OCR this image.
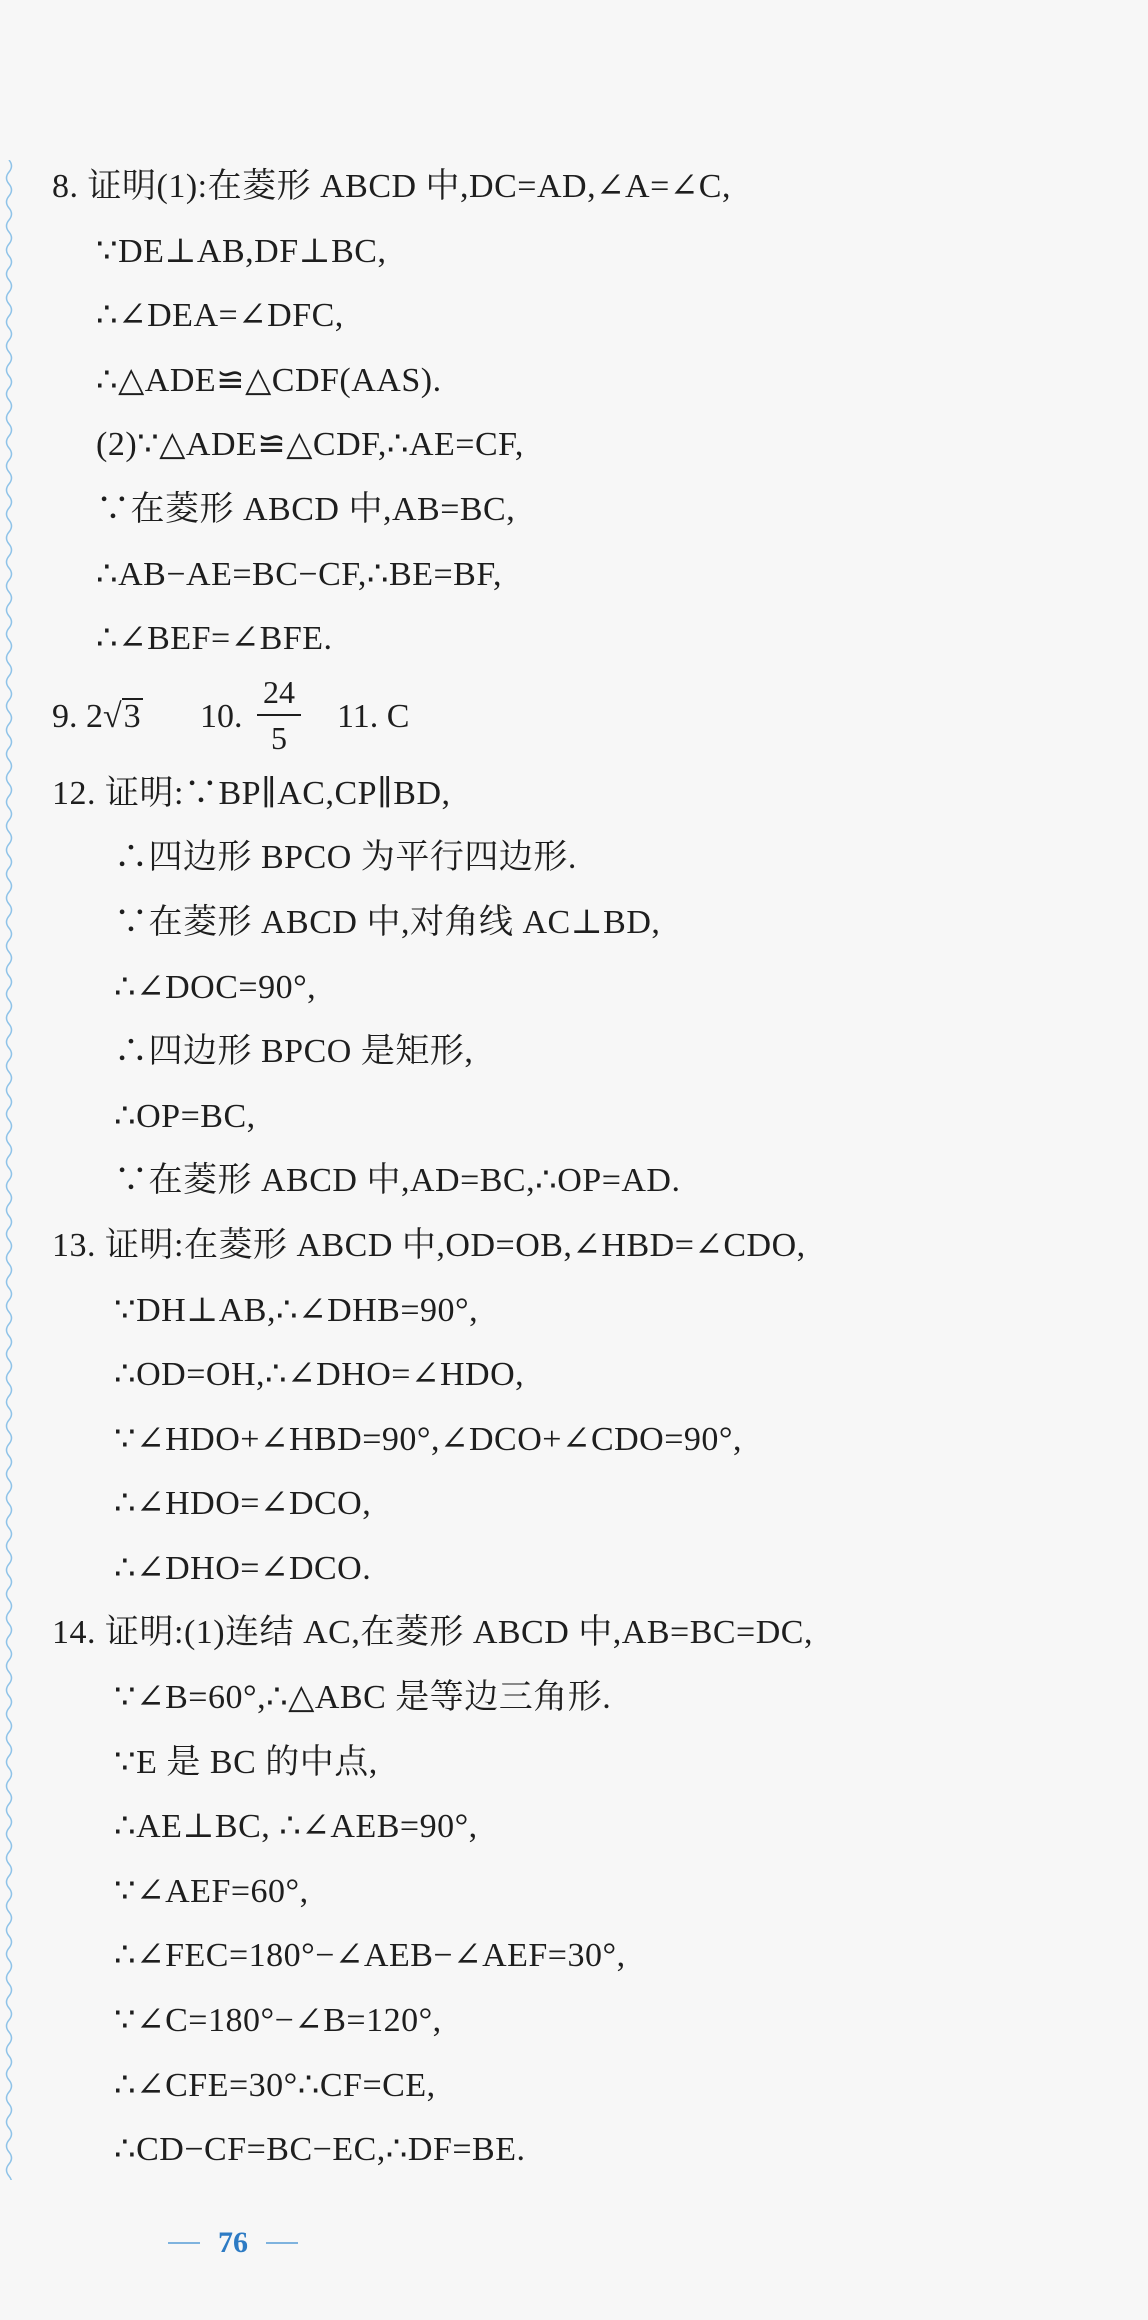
8. 证明(1):在菱形 ABCD 中,DC=AD,∠A=∠C,
∵DE⊥AB,DF⊥BC,
∴∠DEA=∠DFC,
∴△ADE≌△CDF(AAS).
(2)∵△ADE≌△CDF,∴AE=CF,
∵在菱形 ABCD 中,AB=BC,
∴AB−AE=BC−CF,∴BE=BF,
∴∠BEF=∠BFE.
9. 2√3 10.
24
5
11. C
12. 证明:∵BP∥AC,CP∥BD,
∴四边形 BPCO 为平行四边形.
∵在菱形 ABCD 中,对角线 AC⊥BD,
∴∠DOC=90°,
∴四边形 BPCO 是矩形,
∴OP=BC,
∵在菱形 ABCD 中,AD=BC,∴OP=AD.
13. 证明:在菱形 ABCD 中,OD=OB,∠HBD=∠CDO,
∵DH⊥AB,∴∠DHB=90°,
∴OD=OH,∴∠DHO=∠HDO,
∵∠HDO+∠HBD=90°,∠DCO+∠CDO=90°,
∴∠HDO=∠DCO,
∴∠DHO=∠DCO.
14. 证明:(1)连结 AC,在菱形 ABCD 中,AB=BC=DC,
∵∠B=60°,∴△ABC 是等边三角形.
∵E 是 BC 的中点,
∴AE⊥BC, ∴∠AEB=90°,
∵∠AEF=60°,
∴∠FEC=180°−∠AEB−∠AEF=30°,
∵∠C=180°−∠B=120°,
∴∠CFE=30°∴CF=CE,
∴CD−CF=BC−EC,∴DF=BE.
76
